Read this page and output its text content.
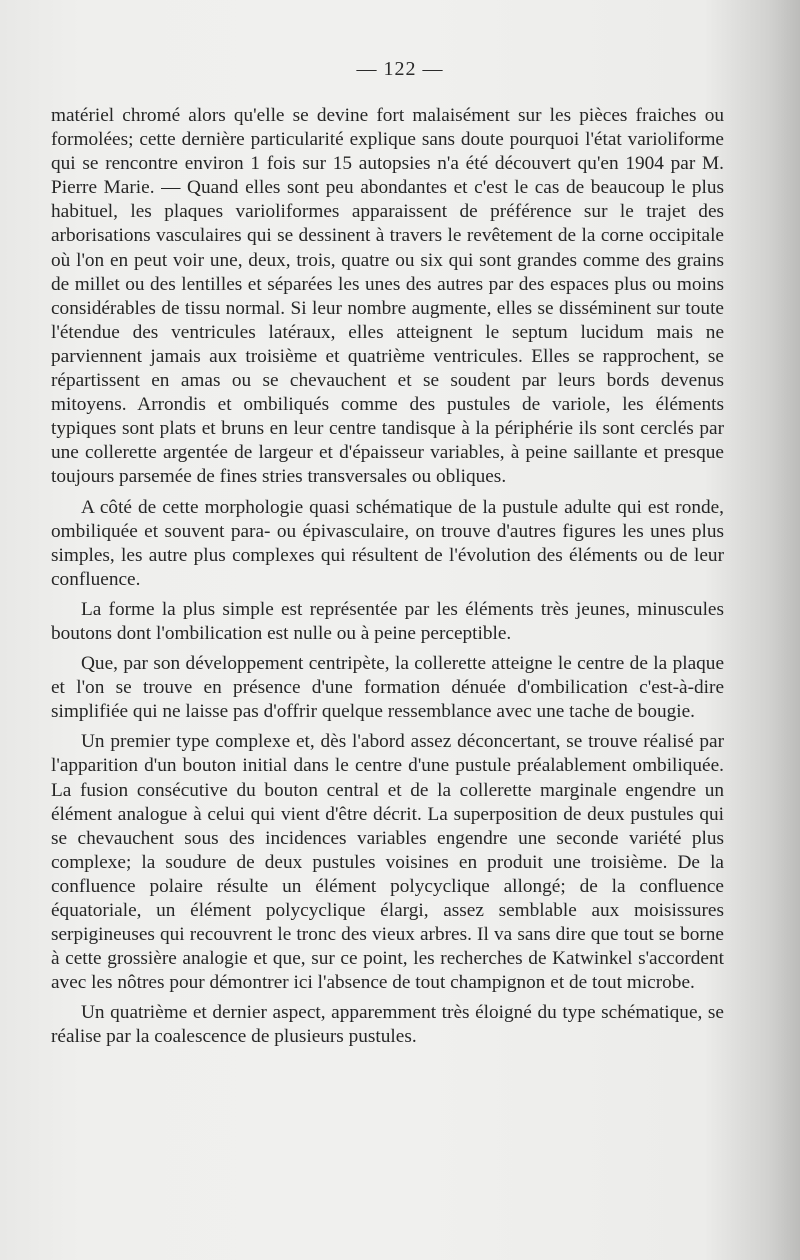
— 122 —

matériel chromé alors qu'elle se devine fort malaisément sur les pièces fraiches ou formolées; cette dernière particularité explique sans doute pourquoi l'état varioliforme qui se rencontre environ 1 fois sur 15 autopsies n'a été découvert qu'en 1904 par M. Pierre Marie. — Quand elles sont peu abondantes et c'est le cas de beaucoup le plus habituel, les plaques varioliformes apparaissent de préférence sur le trajet des arborisations vasculaires qui se dessinent à travers le revêtement de la corne occipitale où l'on en peut voir une, deux, trois, quatre ou six qui sont grandes comme des grains de millet ou des lentilles et séparées les unes des autres par des espaces plus ou moins considérables de tissu normal. Si leur nombre augmente, elles se disséminent sur toute l'étendue des ventricules latéraux, elles atteignent le septum lucidum mais ne parviennent jamais aux troisième et quatrième ventricules. Elles se rapprochent, se répartissent en amas ou se chevauchent et se soudent par leurs bords devenus mitoyens. Arrondis et ombiliqués comme des pustules de variole, les éléments typiques sont plats et bruns en leur centre tandisque à la périphérie ils sont cerclés par une collerette argentée de largeur et d'épaisseur variables, à peine saillante et presque toujours parsemée de fines stries transversales ou obliques.

A côté de cette morphologie quasi schématique de la pustule adulte qui est ronde, ombiliquée et souvent para- ou épivasculaire, on trouve d'autres figures les unes plus simples, les autre plus complexes qui résultent de l'évolution des éléments ou de leur confluence.

La forme la plus simple est représentée par les éléments très jeunes, minuscules boutons dont l'ombilication est nulle ou à peine perceptible.

Que, par son développement centripète, la collerette atteigne le centre de la plaque et l'on se trouve en présence d'une formation dénuée d'ombilication c'est-à-dire simplifiée qui ne laisse pas d'offrir quelque ressemblance avec une tache de bougie.

Un premier type complexe et, dès l'abord assez déconcertant, se trouve réalisé par l'apparition d'un bouton initial dans le centre d'une pustule préalablement ombiliquée. La fusion consécutive du bouton central et de la collerette marginale engendre un élément analogue à celui qui vient d'être décrit. La superposition de deux pustules qui se chevauchent sous des incidences variables engendre une seconde variété plus complexe; la soudure de deux pustules voisines en produit une troisième. De la confluence polaire résulte un élément polycyclique allongé; de la confluence équatoriale, un élément polycyclique élargi, assez semblable aux moisissures serpigineuses qui recouvrent le tronc des vieux arbres. Il va sans dire que tout se borne à cette grossière analogie et que, sur ce point, les recherches de Katwinkel s'accordent avec les nôtres pour démontrer ici l'absence de tout champignon et de tout microbe.

Un quatrième et dernier aspect, apparemment très éloigné du type schématique, se réalise par la coalescence de plusieurs pustules.
